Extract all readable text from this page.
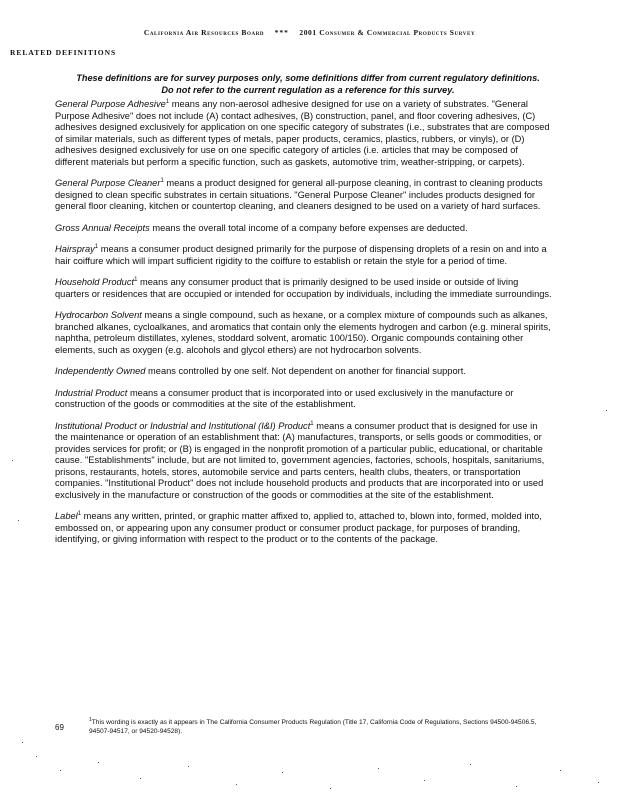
California Air Resources Board *** 2001 Consumer & Commercial Products Survey
RELATED DEFINITIONS
These definitions are for survey purposes only, some definitions differ from current regulatory definitions. Do not refer to the current regulation as a reference for this survey.

General Purpose Adhesive$^1$ means any non-aerosol adhesive designed for use on a variety of substrates. "General Purpose Adhesive" does not include (A) contact adhesives, (B) construction, panel, and floor covering adhesives, (C) adhesives designed exclusively for application on one specific category of substrates (i.e., substrates that are composed of similar materials, such as different types of metals, paper products, ceramics, plastics, rubbers, or vinyls), or (D) adhesives designed exclusively for use on one specific category of articles (i.e. articles that may be composed of different materials but perform a specific function, such as gaskets, automotive trim, weather-stripping, or carpets).

General Purpose Cleaner$^1$ means a product designed for general all-purpose cleaning, in contrast to cleaning products designed to clean specific substrates in certain situations. "General Purpose Cleaner" includes products designed for general floor cleaning, kitchen or countertop cleaning, and cleaners designed to be used on a variety of hard surfaces.

Gross Annual Receipts means the overall total income of a company before expenses are deducted.

Hairspray$^1$ means a consumer product designed primarily for the purpose of dispensing droplets of a resin on and into a hair coiffure which will impart sufficient rigidity to the coiffure to establish or retain the style for a period of time.

Household Product$^1$ means any consumer product that is primarily designed to be used inside or outside of living quarters or residences that are occupied or intended for occupation by individuals, including the immediate surroundings.

Hydrocarbon Solvent means a single compound, such as hexane, or a complex mixture of compounds such as alkanes, branched alkanes, cycloalkanes, and aromatics that contain only the elements hydrogen and carbon (e.g. mineral spirits, naphtha, petroleum distillates, xylenes, stoddard solvent, aromatic 100/150). Organic compounds containing other elements, such as oxygen (e.g. alcohols and glycol ethers) are not hydrocarbon solvents.

Independently Owned means controlled by one self. Not dependent on another for financial support.

Industrial Product means a consumer product that is incorporated into or used exclusively in the manufacture or construction of the goods or commodities at the site of the establishment.

Institutional Product or Industrial and Institutional (I&I) Product$^1$ means a consumer product that is designed for use in the maintenance or operation of an establishment that: (A) manufactures, transports, or sells goods or commodities, or provides services for profit; or (B) is engaged in the nonprofit promotion of a particular public, educational, or charitable cause. "Establishments" include, but are not limited to, government agencies, factories, schools, hospitals, sanitariums, prisons, restaurants, hotels, stores, automobile service and parts centers, health clubs, theaters, or transportation companies. "Institutional Product" does not include household products and products that are incorporated into or used exclusively in the manufacture or construction of the goods or commodities at the site of the establishment.

Label$^1$ means any written, printed, or graphic matter affixed to, applied to, attached to, blown into, formed, molded into, embossed on, or appearing upon any consumer product or consumer product package, for purposes of branding, identifying, or giving information with respect to the product or to the contents of the package.

69
$^1$This wording is exactly as it appears in The California Consumer Products Regulation (Title 17, California Code of Regulations, Sections 94500-94506.5, 94507-94517, or 94520-94528).
